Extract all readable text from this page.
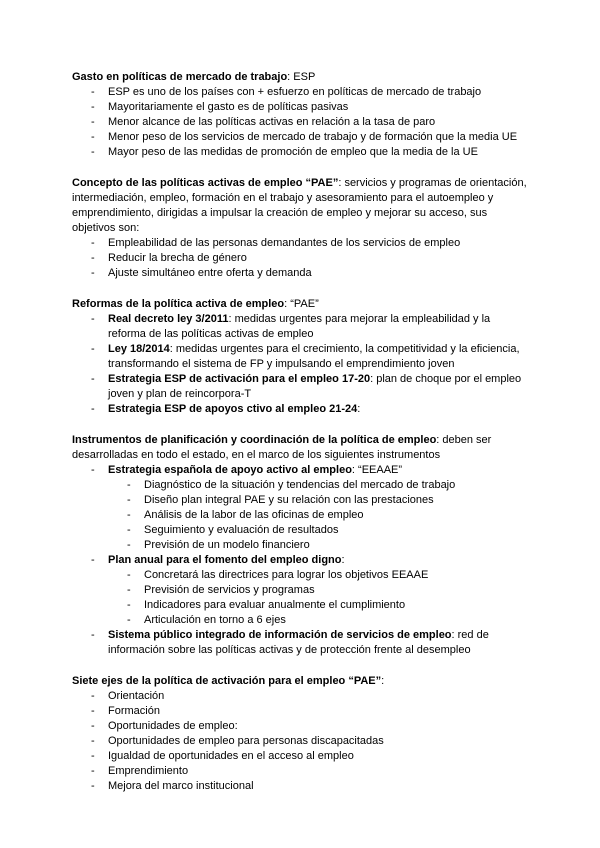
Gasto en políticas de mercado de trabajo: ESP

- ESP es uno de los países con + esfuerzo en políticas de mercado de trabajo
- Mayoritariamente el gasto es de políticas pasivas
- Menor alcance de las políticas activas en relación a la tasa de paro
- Menor peso de los servicios de mercado de trabajo y de formación que la media UE
- Mayor peso de las medidas de promoción de empleo que la media de la UE

Concepto de las políticas activas de empleo “PAE”: servicios y programas de orientación, intermediación, empleo, formación en el trabajo y asesoramiento para el autoempleo y emprendimiento, dirigidas a impulsar la creación de empleo y mejorar su acceso, sus objetivos son:

- Empleabilidad de las personas demandantes de los servicios de empleo
- Reducir la brecha de género
- Ajuste simultáneo entre oferta y demanda

Reformas de la política activa de empleo: “PAE”

- Real decreto ley 3/2011: medidas urgentes para mejorar la empleabilidad y la reforma de las políticas activas de empleo
- Ley 18/2014: medidas urgentes para el crecimiento, la competitividad y la eficiencia, transformando el sistema de FP y impulsando el emprendimiento joven
- Estrategia ESP de activación para el empleo 17-20: plan de choque por el empleo joven y plan de reincorpora-T
- Estrategia ESP de apoyos ctivo al empleo 21-24:

Instrumentos de planificación y coordinación de la política de empleo: deben ser desarrolladas en todo el estado, en el marco de los siguientes instrumentos

- Estrategia española de apoyo activo al empleo: “EEAAE”
- Diagnóstico de la situación y tendencias del mercado de trabajo
- Diseño plan integral PAE y su relación con las prestaciones
- Análisis de la labor de las oficinas de empleo
- Seguimiento y evaluación de resultados
- Previsión de un modelo financiero
- Plan anual para el fomento del empleo digno:
- Concretará las directrices para lograr los objetivos EEAAE
- Previsión de servicios y programas
- Indicadores para evaluar anualmente el cumplimiento
- Articulación en torno a 6 ejes
- Sistema público integrado de información de servicios de empleo: red de información sobre las políticas activas y de protección frente al desempleo

Siete ejes de la política de activación para el empleo “PAE”:

- Orientación
- Formación
- Oportunidades de empleo:
- Oportunidades de empleo para personas discapacitadas
- Igualdad de oportunidades en el acceso al empleo
- Emprendimiento
- Mejora del marco institucional
